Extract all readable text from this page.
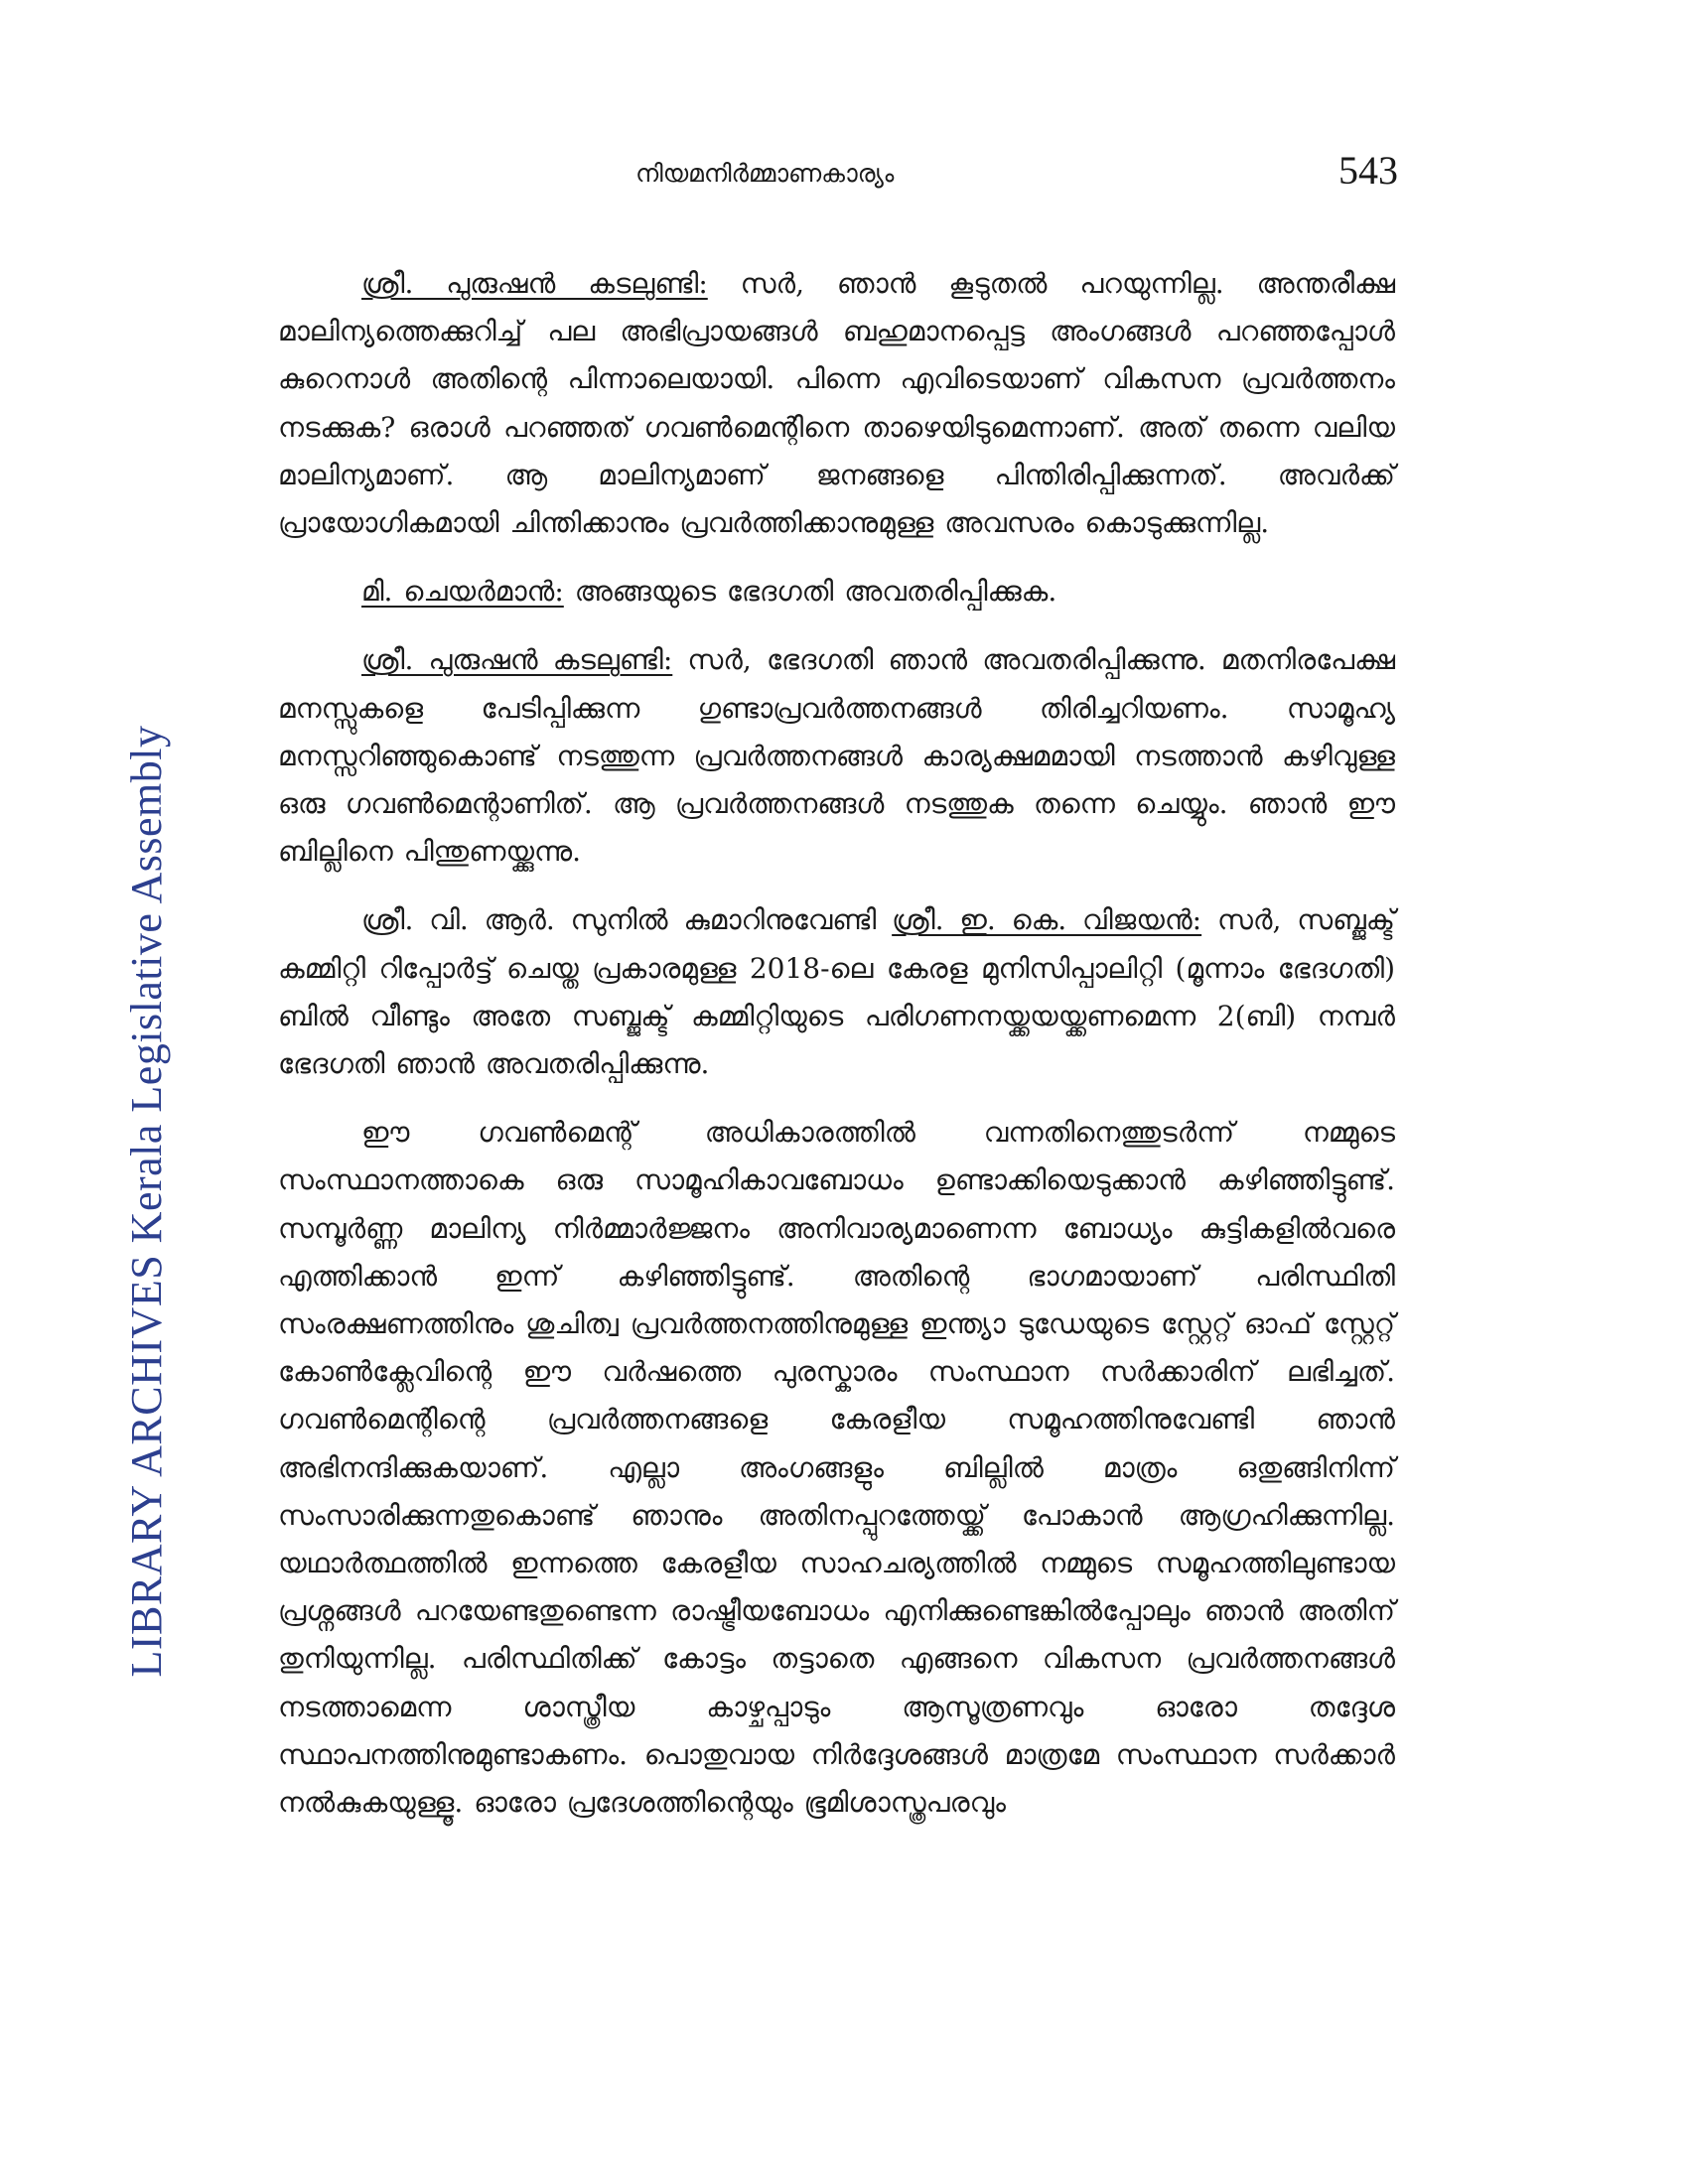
LIBRARY ARCHIVES Kerala Legislative Assembly
നിയമനിർമ്മാണകാര്യം	543

ശ്രീ. പുരുഷൻ കടലുണ്ടി: സർ, ഞാൻ കൂടുതൽ പറയുന്നില്ല. അന്തരീക്ഷ മാലിന്യത്തെക്കുറിച്ച് പല അഭിപ്രായങ്ങൾ ബഹുമാനപ്പെട്ട അംഗങ്ങൾ പറഞ്ഞപ്പോൾ കുറെനാൾ അതിന്റെ പിന്നാലെയായി. പിന്നെ എവിടെയാണ് വികസന പ്രവർത്തനം നടക്കുക? ഒരാൾ പറഞ്ഞത് ഗവൺമെന്റിനെ താഴെയിടുമെന്നാണ്. അത് തന്നെ വലിയ മാലിന്യമാണ്. ആ മാലിന്യമാണ് ജനങ്ങളെ പിന്തിരിപ്പിക്കുന്നത്. അവർക്ക് പ്രായോഗികമായി ചിന്തിക്കാനും പ്രവർത്തിക്കാനുമുള്ള അവസരം കൊടുക്കുന്നില്ല.

മി. ചെയർമാൻ: അങ്ങയുടെ ഭേദഗതി അവതരിപ്പിക്കുക.

ശ്രീ. പുരുഷൻ കടലുണ്ടി: സർ, ഭേദഗതി ഞാൻ അവതരിപ്പിക്കുന്നു. മതനിരപേക്ഷ മനസ്സുകളെ പേടിപ്പിക്കുന്ന ഗുണ്ടാപ്രവർത്തനങ്ങൾ തിരിച്ചറിയണം. സാമൂഹ്യ മനസ്സറിഞ്ഞുകൊണ്ട് നടത്തുന്ന പ്രവർത്തനങ്ങൾ കാര്യക്ഷമമായി നടത്താൻ കഴിവുള്ള ഒരു ഗവൺമെന്റാണിത്. ആ പ്രവർത്തനങ്ങൾ നടത്തുക തന്നെ ചെയ്യും. ഞാൻ ഈ ബില്ലിനെ പിന്തുണയ്ക്കുന്നു.

ശ്രീ. വി. ആർ. സുനിൽ കുമാറിനുവേണ്ടി ശ്രീ. ഇ. കെ. വിജയൻ: സർ, സബ്ജക്ട് കമ്മിറ്റി റിപ്പോർട്ട് ചെയ്ത പ്രകാരമുള്ള 2018-ലെ കേരള മുനിസിപ്പാലിറ്റി (മൂന്നാം ഭേദഗതി) ബിൽ വീണ്ടും അതേ സബ്ജക്ട് കമ്മിറ്റിയുടെ പരിഗണനയ്ക്കയയ്ക്കണമെന്ന 2(ബി) നമ്പർ ഭേദഗതി ഞാൻ അവതരിപ്പിക്കുന്നു.

ഈ ഗവൺമെന്റ് അധികാരത്തിൽ വന്നതിനെത്തുടർന്ന് നമ്മുടെ സംസ്ഥാനത്താകെ ഒരു സാമൂഹികാവബോധം ഉണ്ടാക്കിയെടുക്കാൻ കഴിഞ്ഞിട്ടുണ്ട്. സമ്പൂർണ്ണ മാലിന്യ നിർമ്മാർജ്ജനം അനിവാര്യമാണെന്ന ബോധ്യം കുട്ടികളിൽവരെ എത്തിക്കാൻ ഇന്ന് കഴിഞ്ഞിട്ടുണ്ട്. അതിന്റെ ഭാഗമായാണ് പരിസ്ഥിതി സംരക്ഷണത്തിനും ശുചിത്വ പ്രവർത്തനത്തിനുമുള്ള ഇന്ത്യാ ടുഡേയുടെ സ്റ്റേറ്റ് ഓഫ് സ്റ്റേറ്റ് കോൺക്ലേവിന്റെ ഈ വർഷത്തെ പുരസ്കാരം സംസ്ഥാന സർക്കാരിന് ലഭിച്ചത്. ഗവൺമെന്റിന്റെ പ്രവർത്തനങ്ങളെ കേരളീയ സമൂഹത്തിനുവേണ്ടി ഞാൻ അഭിനന്ദിക്കുകയാണ്. എല്ലാ അംഗങ്ങളും ബില്ലിൽ മാത്രം ഒതുങ്ങിനിന്ന് സംസാരിക്കുന്നതുകൊണ്ട് ഞാനും അതിനപ്പുറത്തേയ്ക്ക് പോകാൻ ആഗ്രഹിക്കുന്നില്ല. യഥാർത്ഥത്തിൽ ഇന്നത്തെ കേരളീയ സാഹചര്യത്തിൽ നമ്മുടെ സമൂഹത്തിലുണ്ടായ പ്രശ്നങ്ങൾ പറയേണ്ടതുണ്ടെന്ന രാഷ്ട്രീയബോധം എനിക്കുണ്ടെങ്കിൽപ്പോലും ഞാൻ അതിന് തുനിയുന്നില്ല. പരിസ്ഥിതിക്ക് കോട്ടം തട്ടാതെ എങ്ങനെ വികസന പ്രവർത്തനങ്ങൾ നടത്താമെന്ന ശാസ്ത്രീയ കാഴ്ചപ്പാടും ആസൂത്രണവും ഓരോ തദ്ദേശ സ്ഥാപനത്തിനുമുണ്ടാകണം. പൊതുവായ നിർദ്ദേശങ്ങൾ മാത്രമേ സംസ്ഥാന സർക്കാർ നൽകുകയുള്ളൂ. ഓരോ പ്രദേശത്തിന്റെയും ഭൂമിശാസ്ത്രപരവും
